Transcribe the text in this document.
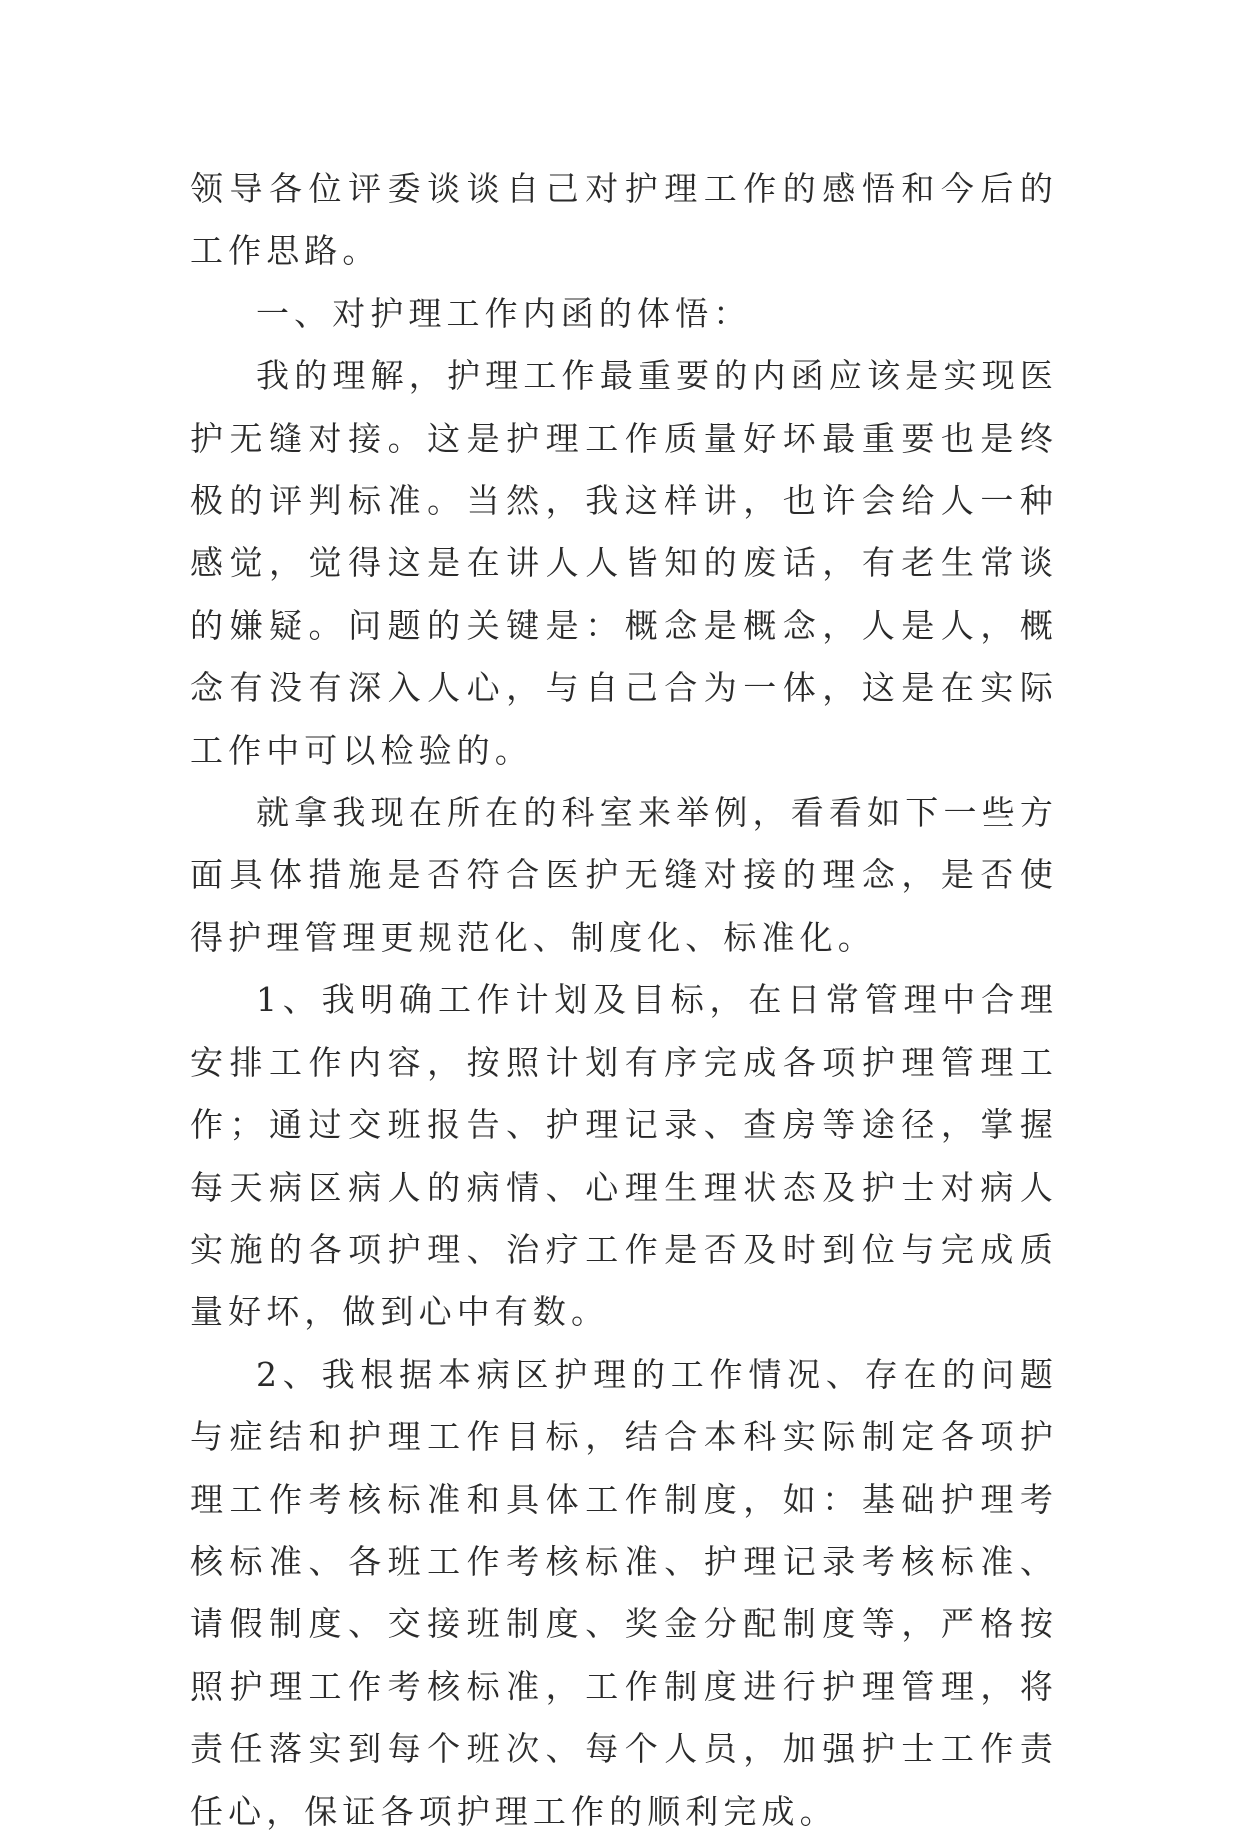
领导各位评委谈谈自己对护理工作的感悟和今后的工作思路。

一、对护理工作内函的体悟：

我的理解，护理工作最重要的内函应该是实现医护无缝对接。这是护理工作质量好坏最重要也是终极的评判标准。当然，我这样讲，也许会给人一种感觉，觉得这是在讲人人皆知的废话，有老生常谈的嫌疑。问题的关键是：概念是概念，人是人，概念有没有深入人心，与自己合为一体，这是在实际工作中可以检验的。

就拿我现在所在的科室来举例，看看如下一些方面具体措施是否符合医护无缝对接的理念，是否使得护理管理更规范化、制度化、标准化。

1、我明确工作计划及目标，在日常管理中合理安排工作内容，按照计划有序完成各项护理管理工作；通过交班报告、护理记录、查房等途径，掌握每天病区病人的病情、心理生理状态及护士对病人实施的各项护理、治疗工作是否及时到位与完成质量好坏，做到心中有数。

2、我根据本病区护理的工作情况、存在的问题与症结和护理工作目标，结合本科实际制定各项护理工作考核标准和具体工作制度，如：基础护理考核标准、各班工作考核标准、护理记录考核标准、请假制度、交接班制度、奖金分配制度等，严格按照护理工作考核标准，工作制度进行护理管理，将责任落实到每个班次、每个人员，加强护士工作责任心，保证各项护理工作的顺利完成。
